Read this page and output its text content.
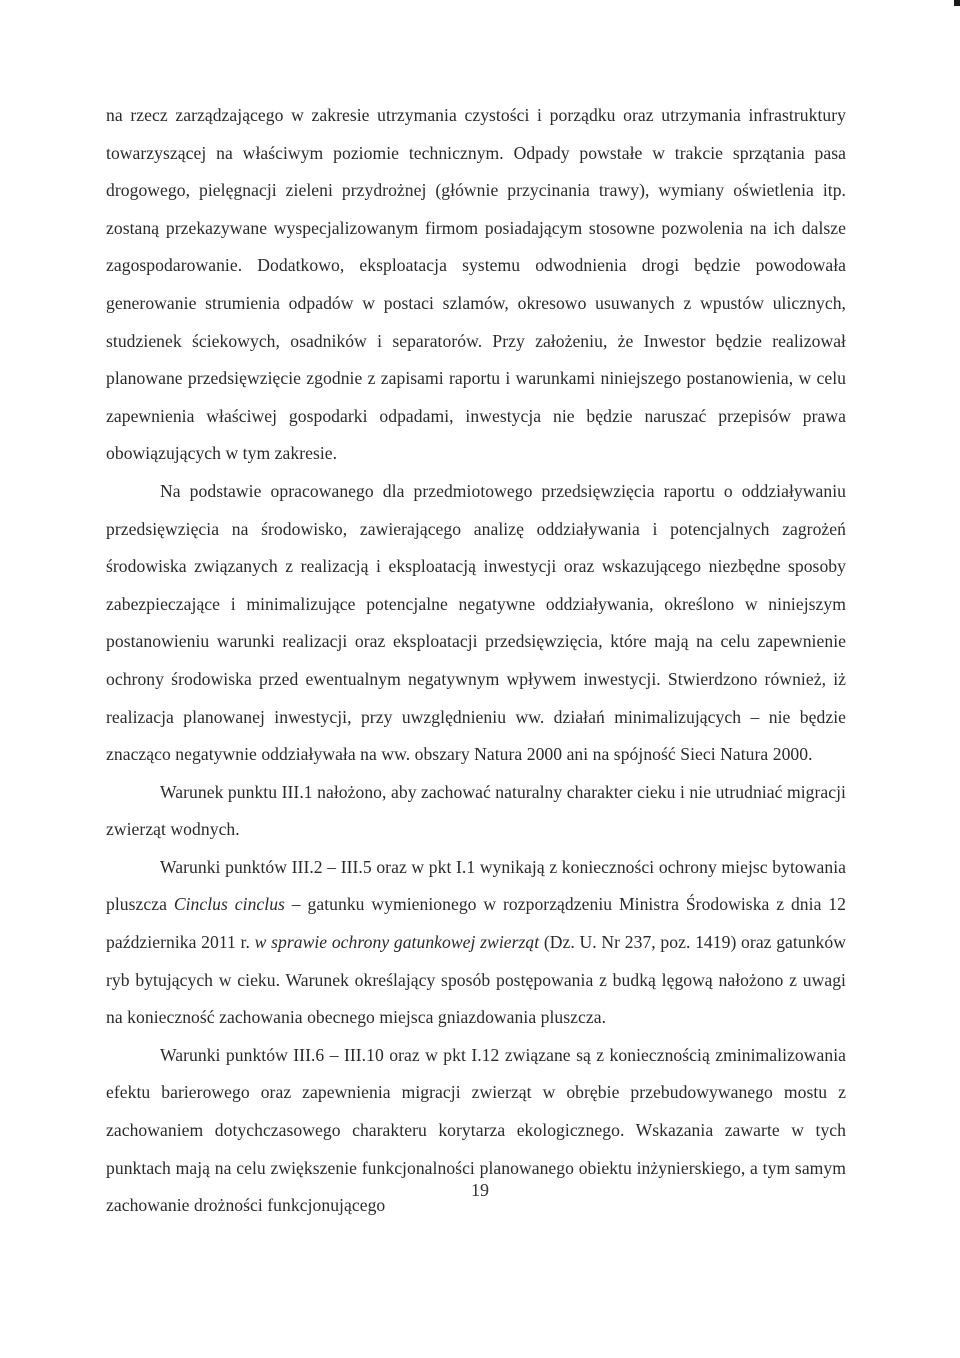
na rzecz zarządzającego w zakresie utrzymania czystości i porządku oraz utrzymania infrastruktury towarzyszącej na właściwym poziomie technicznym. Odpady powstałe w trakcie sprzątania pasa drogowego, pielęgnacji zieleni przydrożnej (głównie przycinania trawy), wymiany oświetlenia itp. zostaną przekazywane wyspecjalizowanym firmom posiadającym stosowne pozwolenia na ich dalsze zagospodarowanie. Dodatkowo, eksploatacja systemu odwodnienia drogi będzie powodowała generowanie strumienia odpadów w postaci szlamów, okresowo usuwanych z wpustów ulicznych, studzienek ściekowych, osadników i separatorów. Przy założeniu, że Inwestor będzie realizował planowane przedsięwzięcie zgodnie z zapisami raportu i warunkami niniejszego postanowienia, w celu zapewnienia właściwej gospodarki odpadami, inwestycja nie będzie naruszać przepisów prawa obowiązujących w tym zakresie.

Na podstawie opracowanego dla przedmiotowego przedsięwzięcia raportu o oddziaływaniu przedsięwzięcia na środowisko, zawierającego analizę oddziaływania i potencjalnych zagrożeń środowiska związanych z realizacją i eksploatacją inwestycji oraz wskazującego niezbędne sposoby zabezpieczające i minimalizujące potencjalne negatywne oddziaływania, określono w niniejszym postanowieniu warunki realizacji oraz eksploatacji przedsięwzięcia, które mają na celu zapewnienie ochrony środowiska przed ewentualnym negatywnym wpływem inwestycji. Stwierdzono również, iż realizacja planowanej inwestycji, przy uwzględnieniu ww. działań minimalizujących – nie będzie znacząco negatywnie oddziaływała na ww. obszary Natura 2000 ani na spójność Sieci Natura 2000.

Warunek punktu III.1 nałożono, aby zachować naturalny charakter cieku i nie utrudniać migracji zwierząt wodnych.

Warunki punktów III.2 – III.5 oraz w pkt I.1 wynikają z konieczności ochrony miejsc bytowania pluszcza Cinclus cinclus – gatunku wymienionego w rozporządzeniu Ministra Środowiska z dnia 12 października 2011 r. w sprawie ochrony gatunkowej zwierząt (Dz. U. Nr 237, poz. 1419) oraz gatunków ryb bytujących w cieku. Warunek określający sposób postępowania z budką lęgową nałożono z uwagi na konieczność zachowania obecnego miejsca gniazdowania pluszcza.

Warunki punktów III.6 – III.10 oraz w pkt I.12 związane są z koniecznością zminimalizowania efektu barierowego oraz zapewnienia migracji zwierząt w obrębie przebudowywanego mostu z zachowaniem dotychczasowego charakteru korytarza ekologicznego. Wskazania zawarte w tych punktach mają na celu zwiększenie funkcjonalności planowanego obiektu inżynierskiego, a tym samym zachowanie drożności funkcjonującego

19
